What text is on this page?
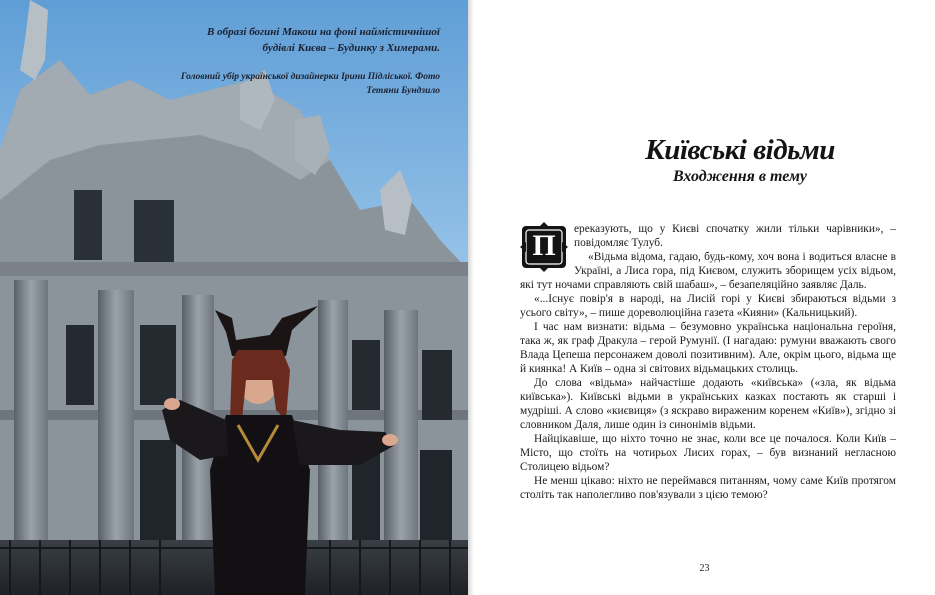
В образі богині Макош на фоні наймістичнішої будівлі Києва – Будинку з Химерами.

Головний убір української дизайнерки Ірини Підліської. Фото Тетяни Бундзило

Київські відьми
Входження в тему

П	ереказують, що у Києві спочатку жили тільки чарівники», – повідомляє Тулуб.

«Відьма відома, гадаю, будь-кому, хоч вона і водиться власне в Україні, а Лиса гора, під Києвом, служить зборищем усіх відьом, які тут ночами справляють свій шабаш», – безапеляційно заявляє Даль.

«...Існує повір'я в народі, на Лисій горі у Києві збираються відьми з усього світу», – пише дореволюційна газета «Кияни» (Кальницький).

І час нам визнати: відьма – безумовно українська національна героїня, така ж, як граф Дракула – герой Румунії. (І нагадаю: румуни вважають свого Влада Цепеша персонажем доволі позитивним). Але, окрім цього, відьма ще й киянка! А Київ – одна зі світових відьмацьких столиць.

До слова «відьма» найчастіше додають «київська» («зла, як відьма київська»). Київські відьми в українських казках постають як старші і мудріші. А слово «києвиця» (з яскраво вираженим коренем «Київ»), згідно зі словником Даля, лише один із синонімів відьми.

Найцікавіше, що ніхто точно не знає, коли все це почалося. Коли Київ – Місто, що стоїть на чотирьох Лисих горах, – був визнаний негласною Столицею відьом?

Не менш цікаво: ніхто не переймався питанням, чому саме Київ протягом століть так наполегливо пов'язували з цією темою?

23
